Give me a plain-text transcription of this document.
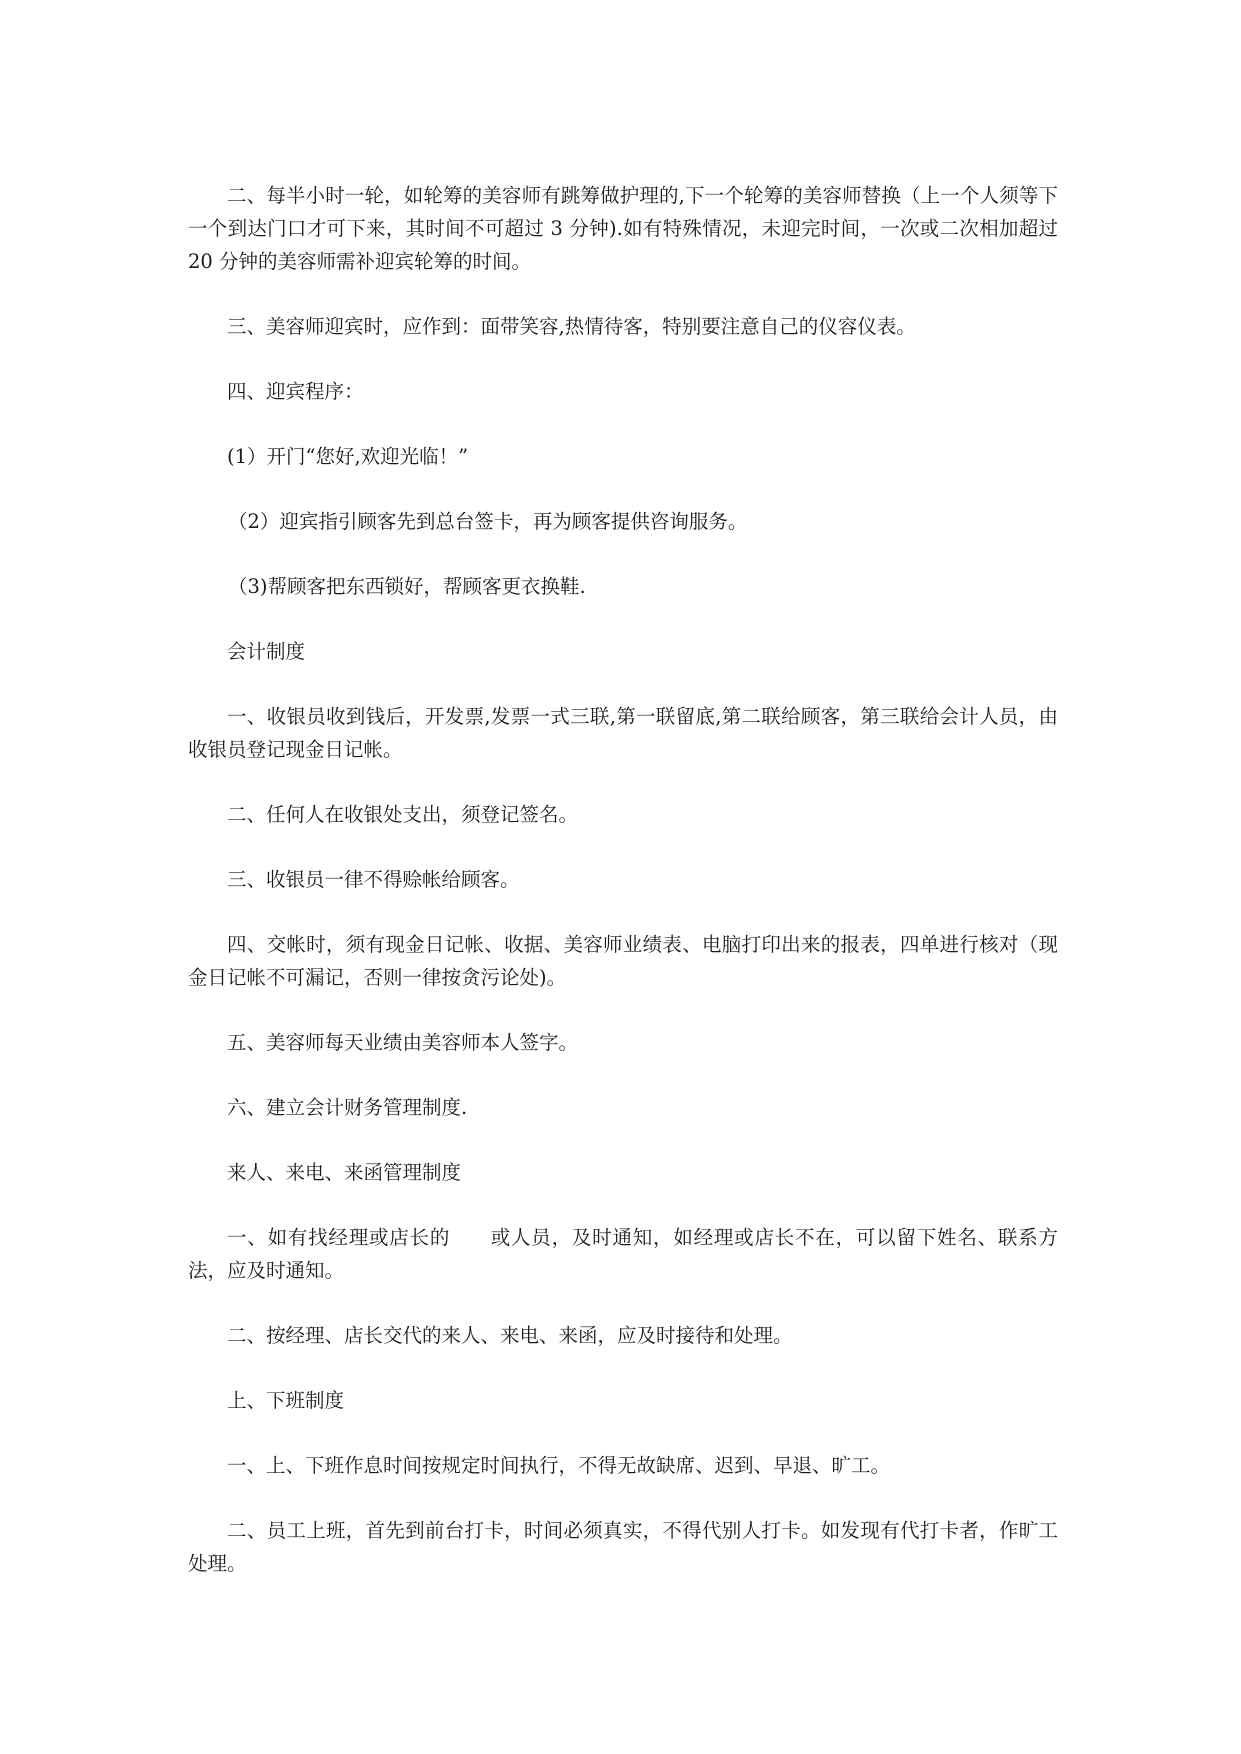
二、每半小时一轮，如轮筹的美容师有跳筹做护理的,下一个轮筹的美容师替换（上一个人须等下一个到达门口才可下来，其时间不可超过 3 分钟).如有特殊情况，未迎完时间，一次或二次相加超过 20 分钟的美容师需补迎宾轮筹的时间。

三、美容师迎宾时，应作到：面带笑容,热情待客，特别要注意自己的仪容仪表。

四、迎宾程序：

(1）开门“您好,欢迎光临！”

（2）迎宾指引顾客先到总台签卡，再为顾客提供咨询服务。

（3)帮顾客把东西锁好，帮顾客更衣换鞋.

会计制度

一、收银员收到钱后，开发票,发票一式三联,第一联留底,第二联给顾客，第三联给会计人员，由收银员登记现金日记帐。

二、任何人在收银处支出，须登记签名。

三、收银员一律不得赊帐给顾客。

四、交帐时，须有现金日记帐、收据、美容师业绩表、电脑打印出来的报表，四单进行核对（现金日记帐不可漏记，否则一律按贪污论处)。

五、美容师每天业绩由美容师本人签字。

六、建立会计财务管理制度.

来人、来电、来函管理制度

一、如有找经理或店长的　　或人员，及时通知，如经理或店长不在，可以留下姓名、联系方法，应及时通知。

二、按经理、店长交代的来人、来电、来函，应及时接待和处理。

上、下班制度

一、上、下班作息时间按规定时间执行，不得无故缺席、迟到、早退、旷工。

二、员工上班，首先到前台打卡，时间必须真实，不得代别人打卡。如发现有代打卡者，作旷工处理。
